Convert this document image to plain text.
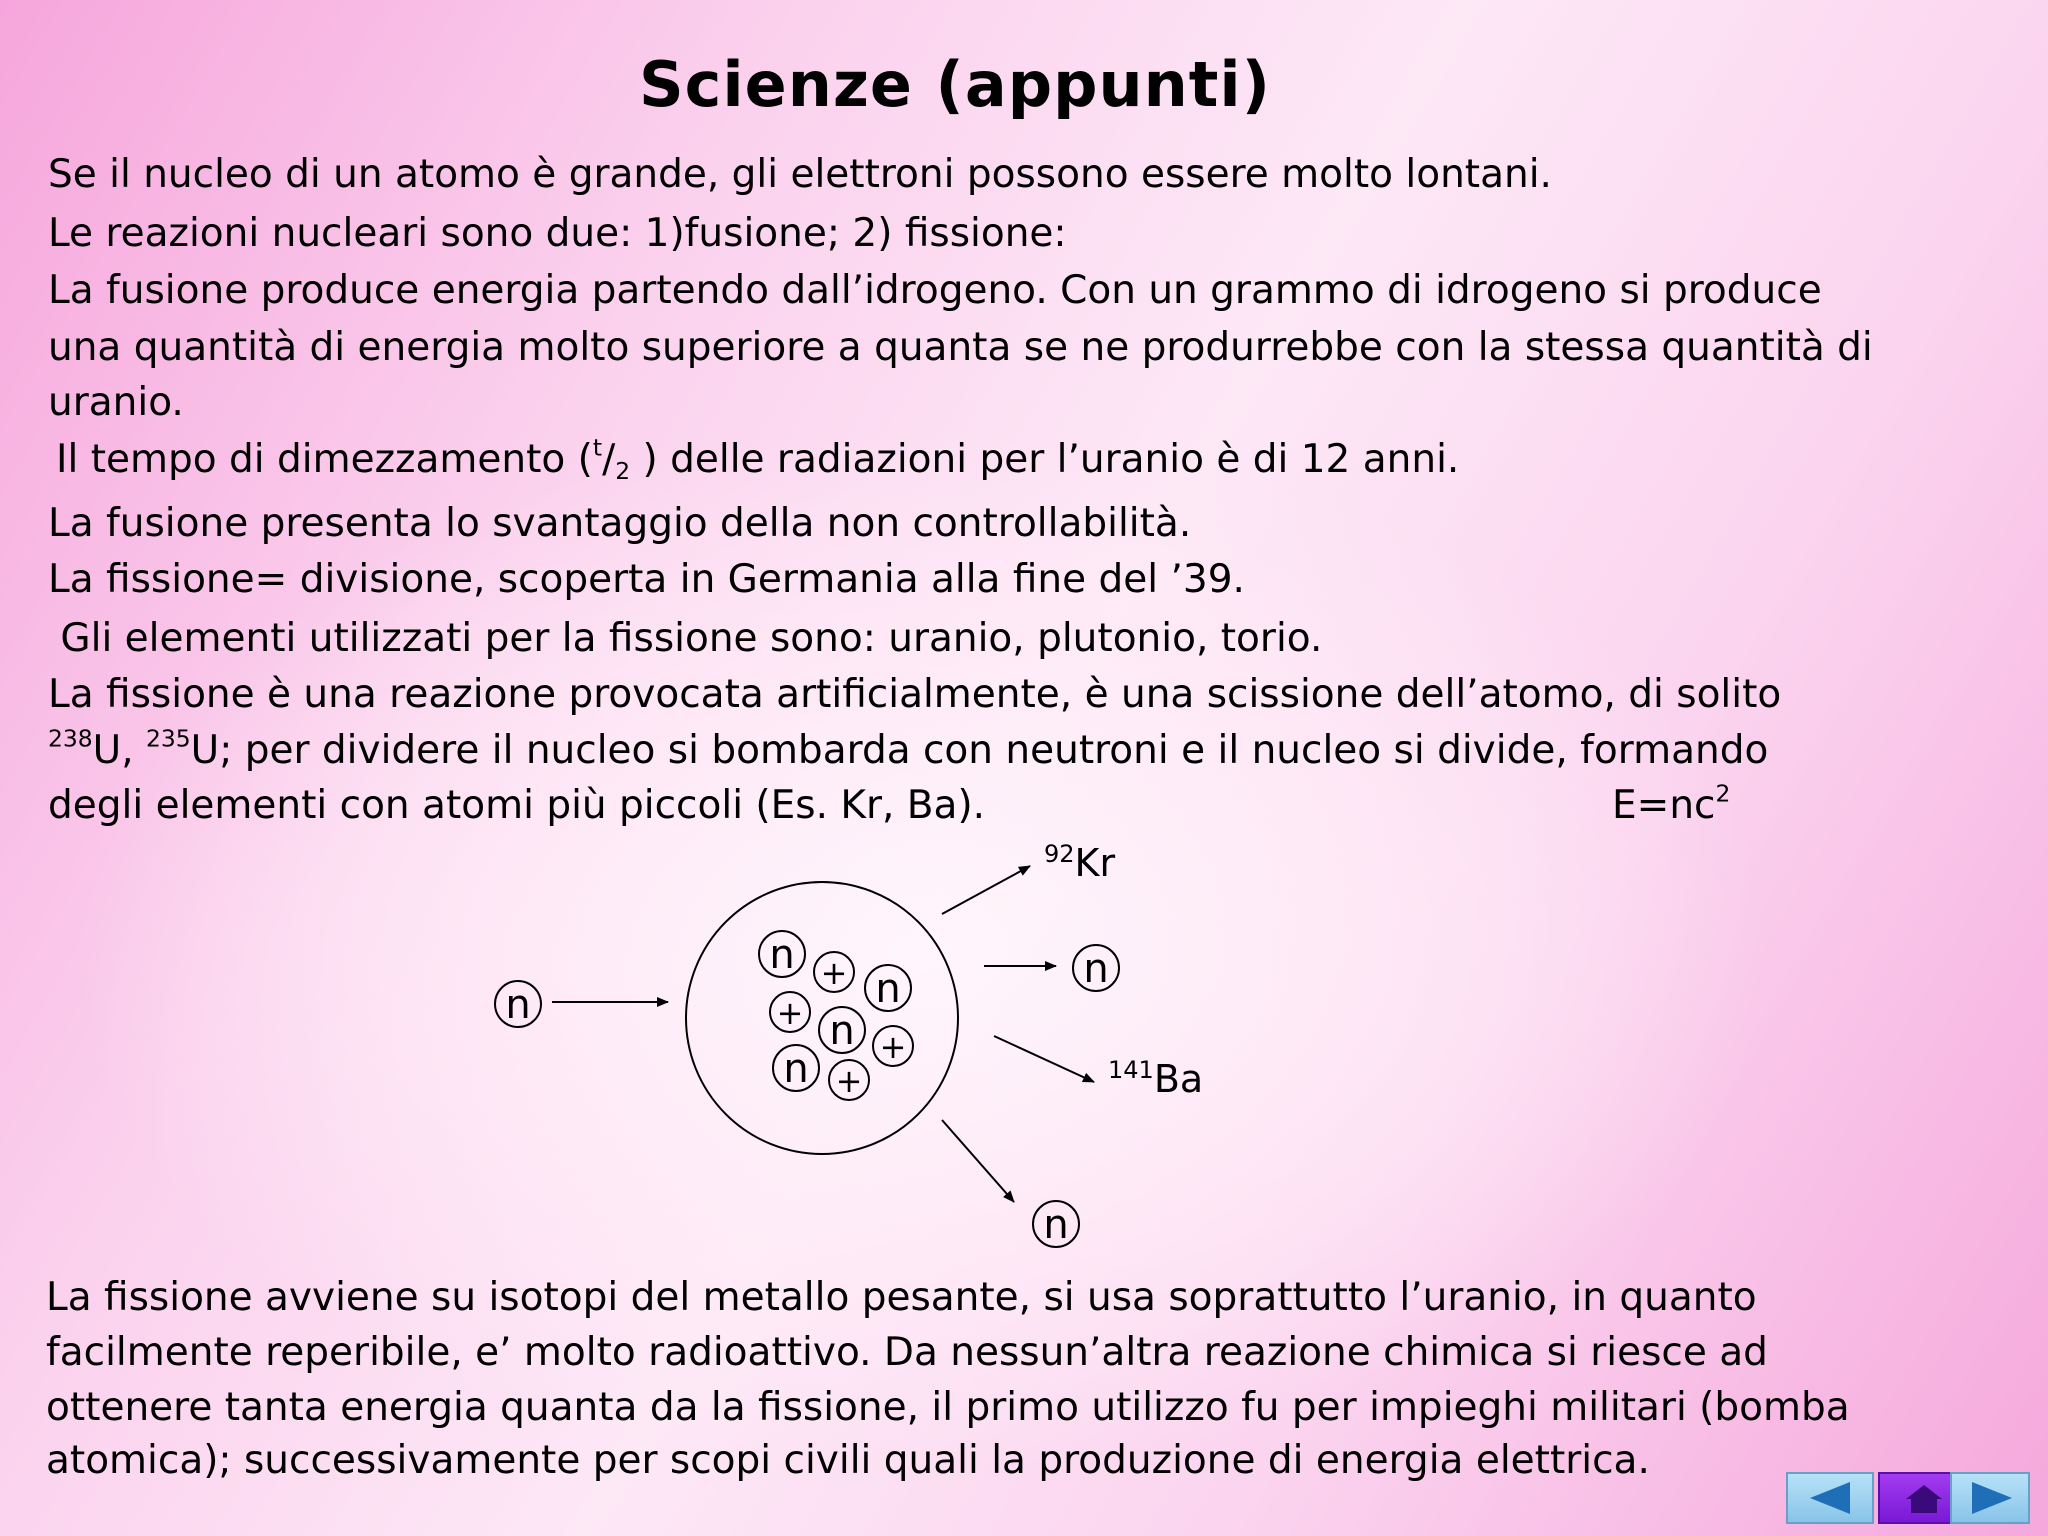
Scienze (appunti)
Se il nucleo di un atomo è grande, gli elettroni possono essere molto lontani.
Le reazioni nucleari sono due: 1)fusione; 2) fissione:
La fusione produce energia partendo dall’idrogeno. Con un grammo di idrogeno si produce
una quantità di energia molto superiore a quanta se ne produrrebbe con la stessa quantità di
uranio.
Il tempo di dimezzamento ($^t/_2$ ) delle radiazioni per l’uranio è di 12 anni.
La fusione presenta lo svantaggio della non controllabilità.
La fissione= divisione, scoperta in Germania alla fine del ’39.
Gli elementi utilizzati per la fissione sono: uranio, plutonio, torio.
La fissione è una reazione provocata artificialmente, è una scissione dell’atomo, di solito
$^{238}$U, $^{235}$U; per dividere il nucleo si bombarda con neutroni e il nucleo si divide, formando
degli elementi con atomi più piccoli (Es. Kr, Ba).	$E=nc^2$
n
n + n
+ n +
n +
$^{92}$Kr
n
$^{141}$Ba
n
La fissione avviene su isotopi del metallo pesante, si usa soprattutto l’uranio, in quanto
facilmente reperibile, e’ molto radioattivo. Da nessun’altra reazione chimica si riesce ad
ottenere tanta energia quanta da la fissione, il primo utilizzo fu per impieghi militari (bomba
atomica); successivamente per scopi civili quali la produzione di energia elettrica.
